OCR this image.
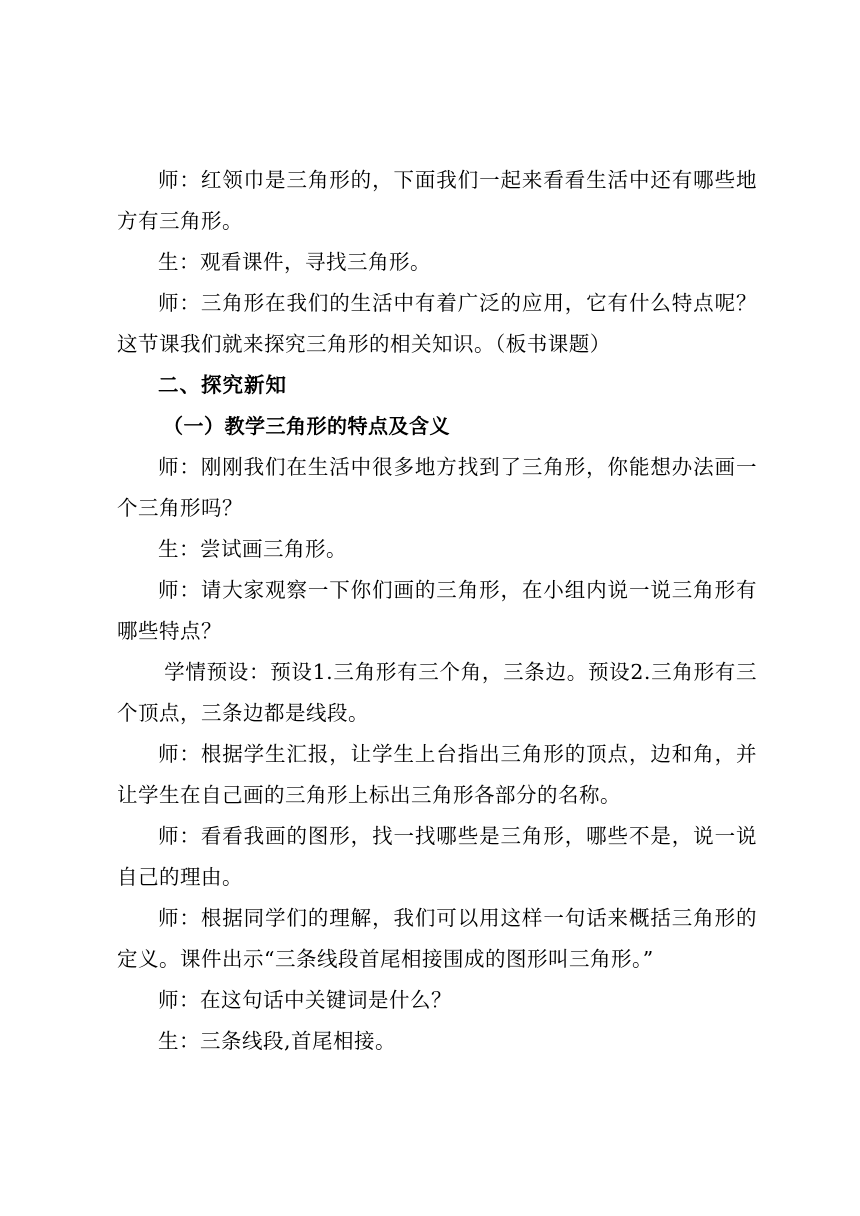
师：红领巾是三角形的，下面我们一起来看看生活中还有哪些地方有三角形。

生：观看课件，寻找三角形。

师：三角形在我们的生活中有着广泛的应用，它有什么特点呢？这节课我们就来探究三角形的相关知识。（板书课题）

二、探究新知

（一）教学三角形的特点及含义

师：刚刚我们在生活中很多地方找到了三角形，你能想办法画一个三角形吗？

生：尝试画三角形。

师：请大家观察一下你们画的三角形，在小组内说一说三角形有哪些特点？

学情预设：预设1.三角形有三个角，三条边。预设2.三角形有三个顶点，三条边都是线段。

师：根据学生汇报，让学生上台指出三角形的顶点，边和角，并让学生在自己画的三角形上标出三角形各部分的名称。

师：看看我画的图形，找一找哪些是三角形，哪些不是，说一说自己的理由。

师：根据同学们的理解，我们可以用这样一句话来概括三角形的定义。课件出示“三条线段首尾相接围成的图形叫三角形。”

师：在这句话中关键词是什么？

生：三条线段,首尾相接。
